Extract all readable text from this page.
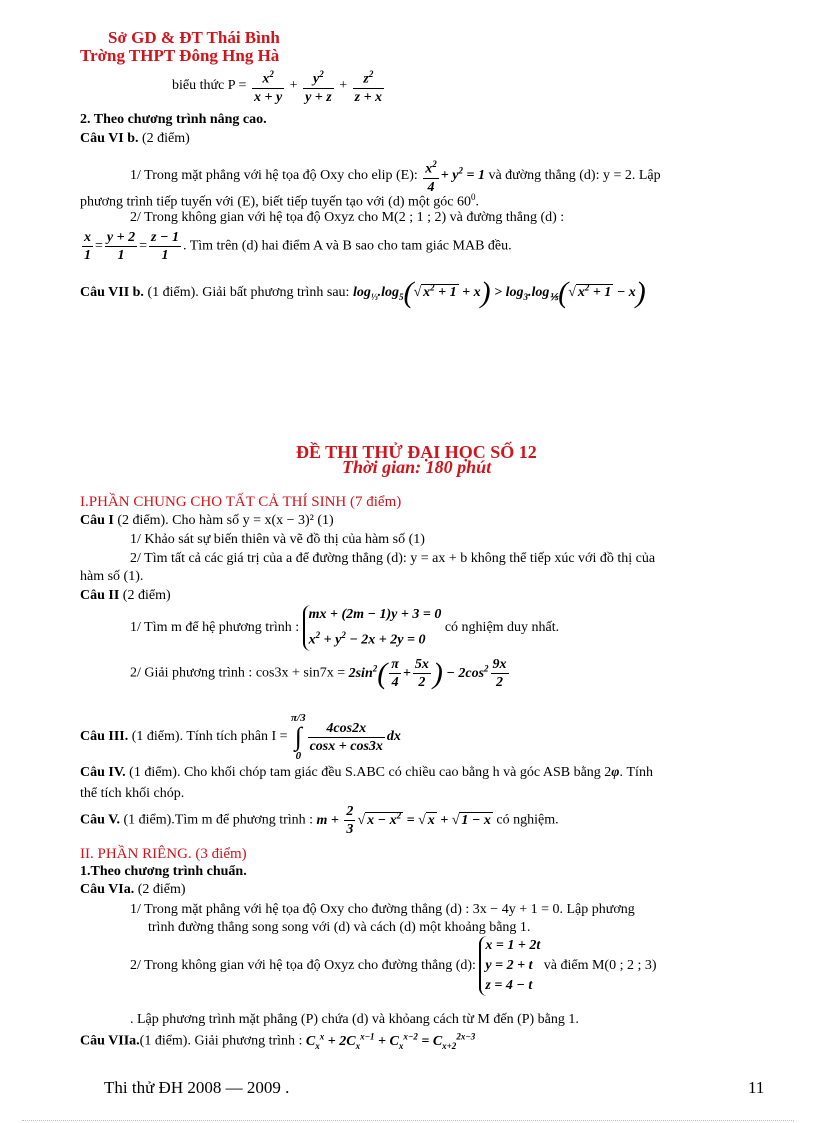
Sở GD & ĐT Thái Bình
Trờng THPT Đông Hng Hà
biểu thức $P = \frac{x^2}{x + y} + \frac{y^2}{y + z} + \frac{z^2}{z + x}$
2. Theo chương trình nâng cao.
Câu VI b. (2 điểm)
1/ Trong mặt phẳng với hệ tọa độ Oxy cho elip (E): $\frac{x^2}{4} + y^2 = 1$ và đường thẳng (d): y = 2. Lập
phương trình tiếp tuyến với (E), biết tiếp tuyến tạo với (d) một góc $60^0$.
2/ Trong không gian với hệ tọa độ Oxyz cho M(2 ; 1 ; 2) và đường thẳng (d) :
$\frac{x}{1} = \frac{y + 2}{1} = \frac{z - 1}{1}$ . Tìm trên (d) hai điểm A và B sao cho tam giác MAB đều.
Câu VII b. (1 điểm). Giải bất phương trình sau: $\log_{\frac{1}{3}}.\log_5(√$ $x^2 + 1 + x) > \log_3.\log_{\frac{1}{5}}(√$ $x^2 + 1 - x$)
ĐỀ THI THỬ ĐẠI HỌC SỐ 12
Thời gian: 180 phút
I.PHẦN CHUNG CHO TẤT CẢ THÍ SINH (7 điểm)
Câu I (2 điểm). Cho hàm số y = x(x − 3)² (1)
1/ Khảo sát sự biến thiên và vẽ đồ thị của hàm số (1)
2/ Tìm tất cả các giá trị của a để đường thẳng (d): y = ax + b không thể tiếp xúc với đồ thị của
hàm số (1).
Câu II (2 điểm)
1/ Tìm m để hệ phương trình :
mx + (2m − 1)y + 3 = 0
$x^2 + y^2 - 2x + 2y = 0$
có nghiệm duy nhất.
2/ Giải phương trình : $\cos 3x + \sin 7x = 2\sin^2( \frac{\pi}{4} + \frac{5x}{2}$ ) − $2\cos^2 \frac{9x}{2}$
Câu III. (1 điểm). Tính tích phân I = π/3
∫
0
$\frac{4\cos 2x}{\cos x + \cos 3x}$ dx
Câu IV. (1 điểm). Cho khối chóp tam giác đều S.ABC có chiều cao bằng h và góc ASB bằng 2φ. Tính
thể tích khối chóp.
Câu V. (1 điểm).Tìm m để phương trình : $m + \frac{2}{3}$ √ $x - x^2$ = √ x + √ 1 − x có nghiệm.
II. PHẦN RIÊNG. (3 điểm)
1.Theo chương trình chuẩn.
Câu VIa. (2 điểm)
1/ Trong mặt phẳng với hệ tọa độ Oxy cho đường thẳng (d) : 3x − 4y + 1 = 0. Lập phương
trình đường thẳng song song với (d) và cách (d) một khoảng bằng 1.
2/ Trong không gian với hệ tọa độ Oxyz cho đường thẳng (d):
x = 1 + 2t
y = 2 + t
z = 4 − t
và điểm M(0 ; 2 ; 3)
. Lập phương trình mặt phẳng (P) chứa (d) và khỏang cách từ M đến (P) bằng 1.
Câu VIIa.(1 điểm). Giải phương trình : $C_x^x + 2C_x^{x-1} + C_x^{x-2} = C_{x+2}^{2x-3}$
Thi thử ĐH 2008 — 2009 .	11
